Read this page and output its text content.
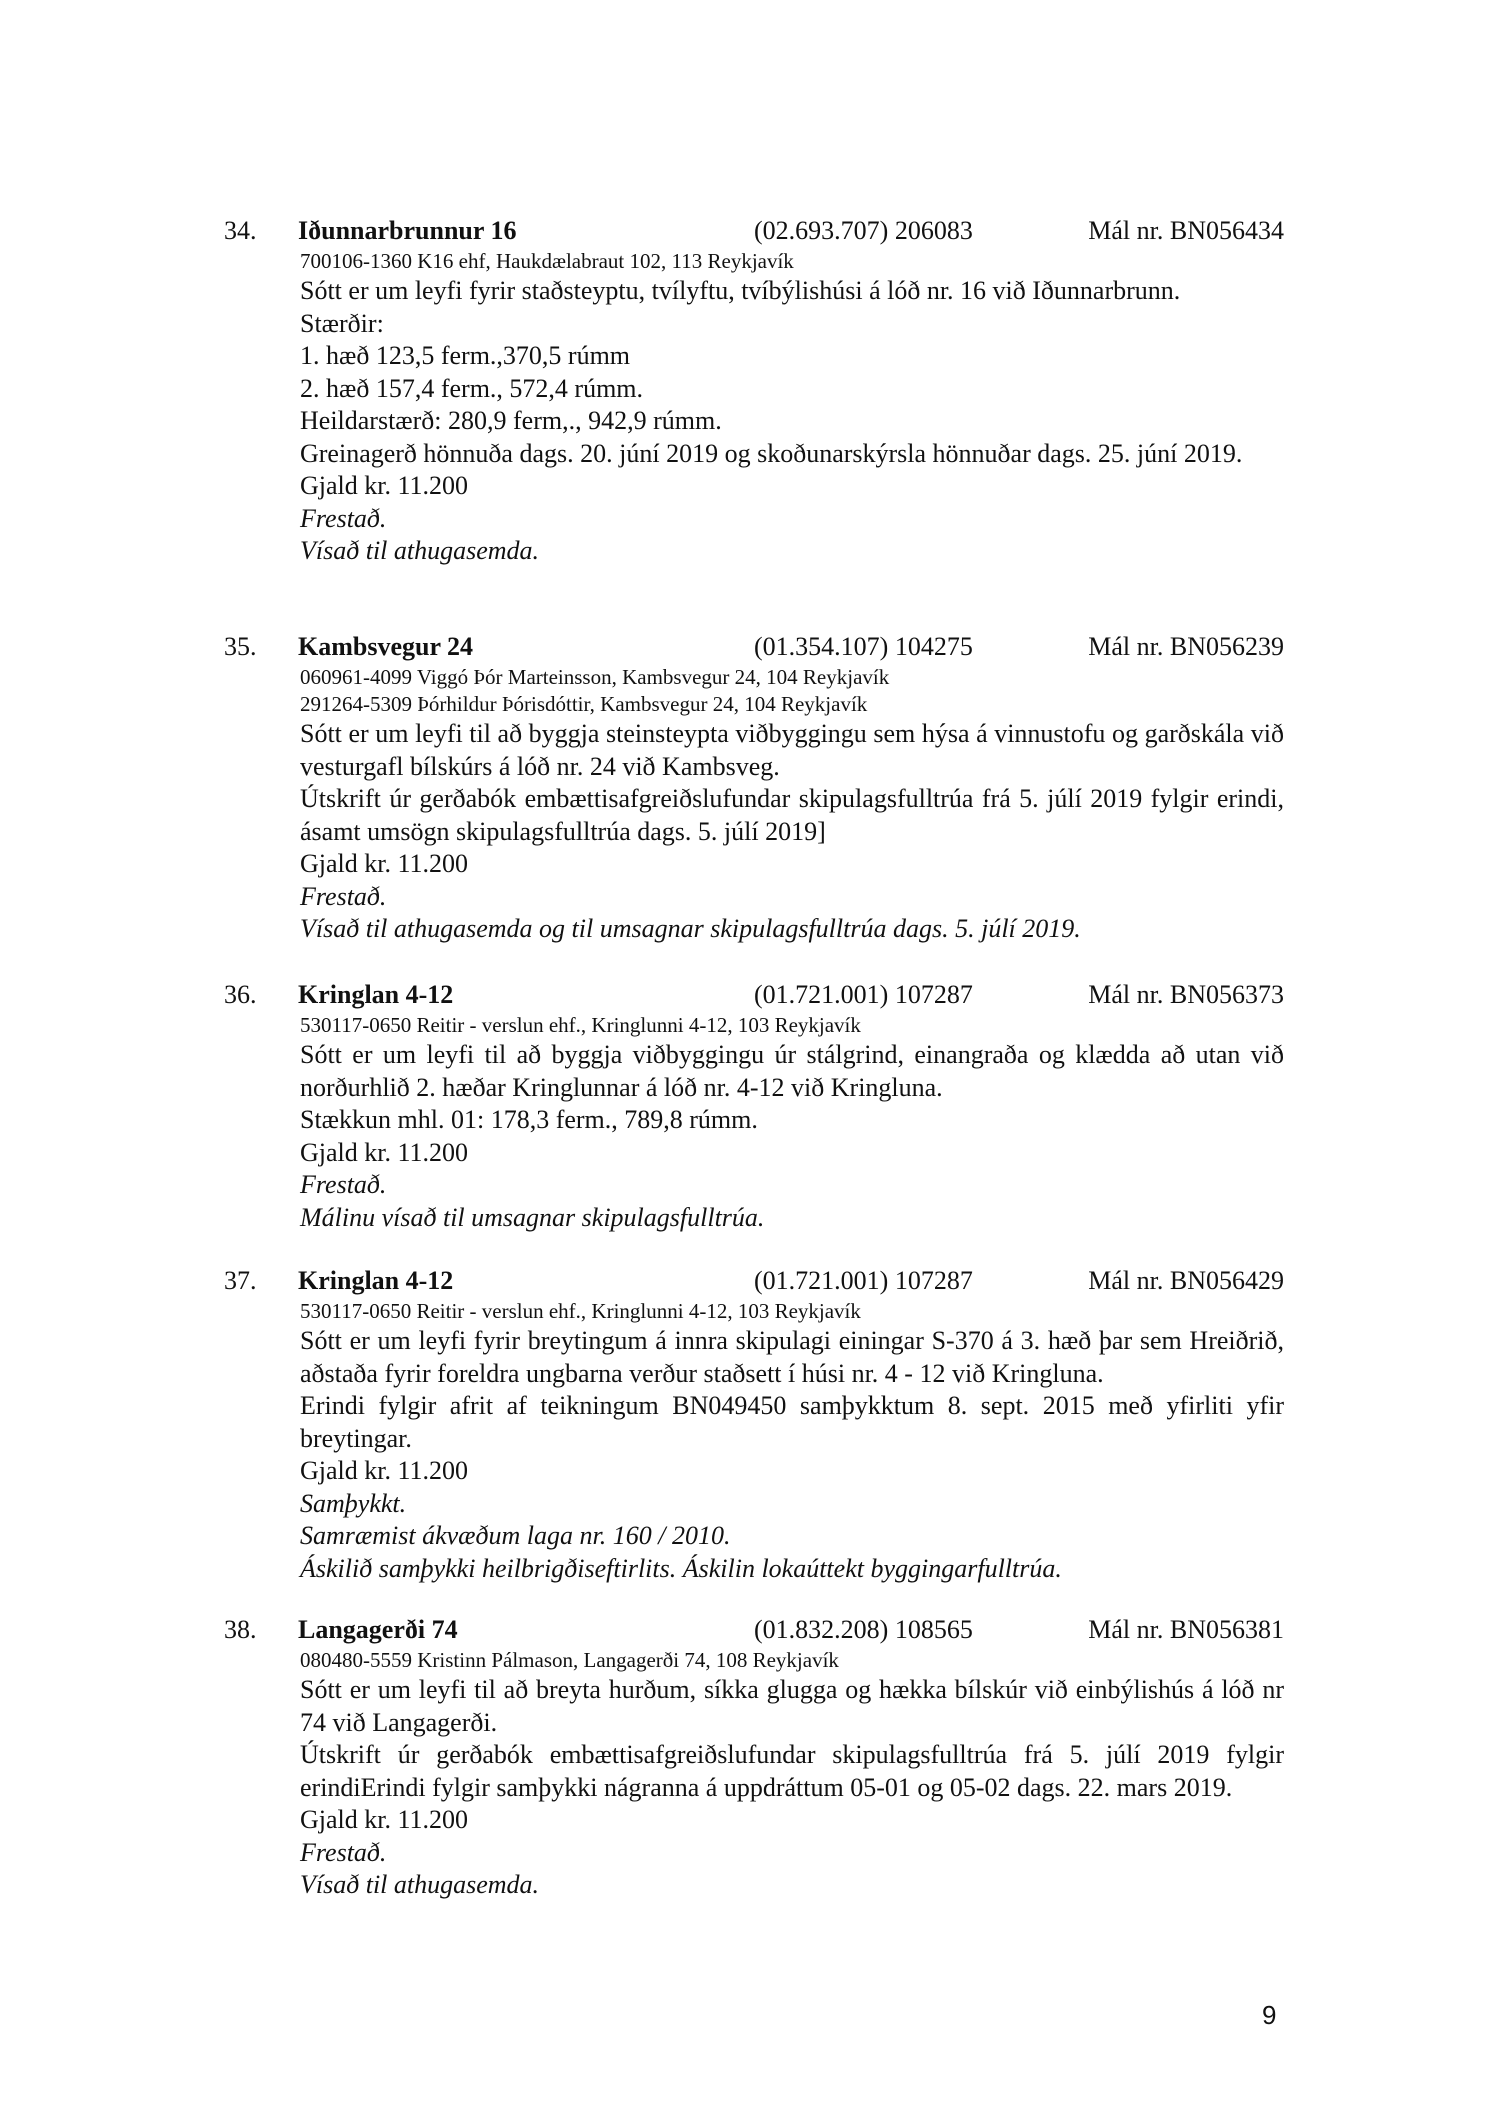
34. Iðunnarbrunnur 16	(02.693.707) 206083	Mál nr. BN056434
700106-1360 K16 ehf, Haukdælabraut 102, 113 Reykjavík
Sótt er um leyfi fyrir staðsteyptu, tvílyftu, tvíbýlishúsi á lóð nr. 16 við Iðunnarbrunn.
Stærðir:
1. hæð 123,5 ferm.,370,5 rúmm
2. hæð 157,4 ferm., 572,4 rúmm.
Heildarstærð: 280,9 ferm,., 942,9 rúmm.
Greinagerð hönnuða dags. 20. júní 2019 og skoðunarskýrsla hönnuðar dags. 25. júní 2019.
Gjald kr. 11.200
Frestað.
Vísað til athugasemda.
35. Kambsvegur 24	(01.354.107) 104275	Mál nr. BN056239
060961-4099 Viggó Þór Marteinsson, Kambsvegur 24, 104 Reykjavík
291264-5309 Þórhildur Þórisdóttir, Kambsvegur 24, 104 Reykjavík
Sótt er um leyfi til að byggja steinsteypta viðbyggingu sem hýsa á vinnustofu og garðskála við vesturgafl bílskúrs á lóð nr. 24 við Kambsveg.
Útskrift úr gerðabók embættisafgreiðslufundar skipulagsfulltrúa frá 5. júlí 2019 fylgir erindi, ásamt umsögn skipulagsfulltrúa dags. 5. júlí 2019]
Gjald kr. 11.200
Frestað.
Vísað til athugasemda og til umsagnar skipulagsfulltrúa dags. 5. júlí 2019.
36. Kringlan 4-12	(01.721.001) 107287	Mál nr. BN056373
530117-0650 Reitir - verslun ehf., Kringlunni 4-12, 103 Reykjavík
Sótt er um leyfi til að byggja viðbyggingu úr stálgrind, einangraða og klædda að utan við norðurhlið 2. hæðar Kringlunnar á lóð nr. 4-12 við Kringluna.
Stækkun mhl. 01: 178,3 ferm., 789,8 rúmm.
Gjald kr. 11.200
Frestað.
Málinu vísað til umsagnar skipulagsfulltrúa.
37. Kringlan 4-12	(01.721.001) 107287	Mál nr. BN056429
530117-0650 Reitir - verslun ehf., Kringlunni 4-12, 103 Reykjavík
Sótt er um leyfi fyrir breytingum á innra skipulagi einingar S-370 á 3. hæð þar sem Hreiðrið, aðstaða fyrir foreldra ungbarna verður staðsett í húsi nr. 4 - 12 við Kringluna.
Erindi fylgir afrit af teikningum BN049450 samþykktum 8. sept. 2015 með yfirliti yfir breytingar.
Gjald kr. 11.200
Samþykkt.
Samræmist ákvæðum laga nr. 160 / 2010.
Áskilið samþykki heilbrigðiseftirlits. Áskilin lokaúttekt byggingarfulltrúa.
38. Langagerði 74	(01.832.208) 108565	Mál nr. BN056381
080480-5559 Kristinn Pálmason, Langagerði 74, 108 Reykjavík
Sótt er um leyfi til að breyta hurðum, síkka glugga og hækka bílskúr við einbýlishús á lóð nr 74 við Langagerði.
Útskrift úr gerðabók embættisafgreiðslufundar skipulagsfulltrúa frá 5. júlí 2019 fylgir erindiErindi fylgir samþykki nágranna á uppdráttum 05-01 og 05-02 dags. 22. mars 2019.
Gjald kr. 11.200
Frestað.
Vísað til athugasemda.
9
